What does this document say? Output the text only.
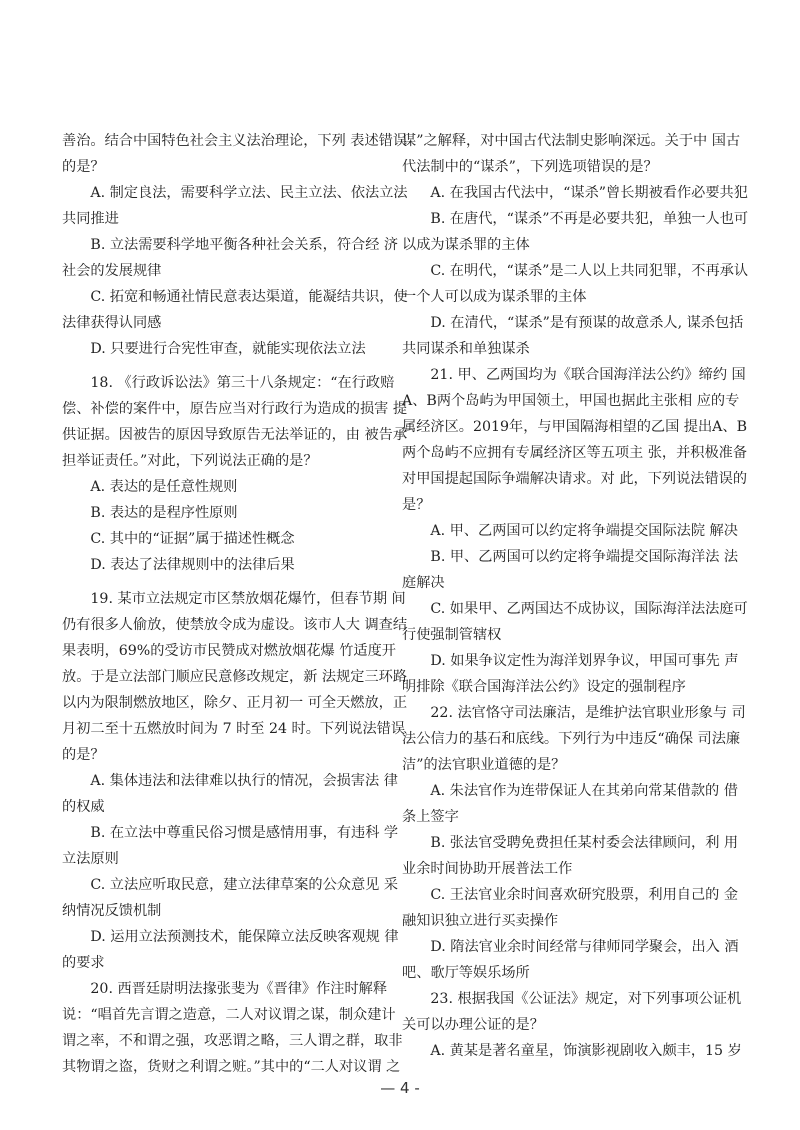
善治。结合中国特色社会主义法治理论，下列 表述错误的是？

A. 制定良法，需要科学立法、民主立法、依法立法共同推进

B. 立法需要科学地平衡各种社会关系，符合经 济社会的发展规律

C. 拓宽和畅通社情民意表达渠道，能凝结共识，使法律获得认同感

D. 只要进行合宪性审查，就能实现依法立法

18. 《行政诉讼法》第三十八条规定：“在行政赔偿、补偿的案件中，原告应当对行政行为造成的损害 提供证据。因被告的原因导致原告无法举证的，由 被告承担举证责任。”对此，下列说法正确的是？

A. 表达的是任意性规则

B. 表达的是程序性原则

C. 其中的“证据”属于描述性概念

D. 表达了法律规则中的法律后果

19. 某市立法规定市区禁放烟花爆竹，但春节期 间仍有很多人偷放，使禁放令成为虚设。该市人大 调查结果表明，69%的受访市民赞成对燃放烟花爆 竹适度开放。于是立法部门顺应民意修改规定，新 法规定三环路以内为限制燃放地区，除夕、正月初一 可全天燃放，正月初二至十五燃放时间为 7 时至 24 时。下列说法错误的是？

A. 集体违法和法律难以执行的情况，会损害法 律的权威

B. 在立法中尊重民俗习惯是感情用事，有违科 学立法原则

C. 立法应听取民意，建立法律草案的公众意见 采纳情况反馈机制

D. 运用立法预测技术，能保障立法反映客观规 律的要求

20. 西晋廷尉明法掾张斐为《晋律》作注时解释 说：“唱首先言谓之造意，二人对议谓之谋，制众建计 谓之率，不和谓之强，攻恶谓之略，三人谓之群，取非 其物谓之盗，货财之利谓之赃。”其中的“二人对议谓 之

谋”之解释，对中国古代法制史影响深远。关于中 国古代法制中的“谋杀”，下列选项错误的是？

A. 在我国古代法中，“谋杀”曾长期被看作必要共犯

B. 在唐代，“谋杀”不再是必要共犯，单独一人也可以成为谋杀罪的主体

C. 在明代，“谋杀”是二人以上共同犯罪，不再承认一个人可以成为谋杀罪的主体

D. 在清代，“谋杀”是有预谋的故意杀人, 谋杀包括共同谋杀和单独谋杀

21. 甲、乙两国均为《联合国海洋法公约》缔约 国A、B两个岛屿为甲国领土，甲国也据此主张相 应的专属经济区。2019年，与甲国隔海相望的乙国 提出A、B两个岛屿不应拥有专属经济区等五项主 张，并积极准备对甲国提起国际争端解决请求。对 此，下列说法错误的是？

A. 甲、乙两国可以约定将争端提交国际法院 解决

B. 甲、乙两国可以约定将争端提交国际海洋法 法庭解决

C. 如果甲、乙两国达不成协议，国际海洋法法庭可行使强制管辖权

D. 如果争议定性为海洋划界争议，甲国可事先 声明排除《联合国海洋法公约》设定的强制程序

22. 法官恪守司法廉洁，是维护法官职业形象与 司法公信力的基石和底线。下列行为中违反“确保 司法廉洁”的法官职业道德的是？

A. 朱法官作为连带保证人在其弟向常某借款的 借条上签字

B. 张法官受聘免费担任某村委会法律顾问，利 用业余时间协助开展普法工作

C. 王法官业余时间喜欢研究股票，利用自己的 金融知识独立进行买卖操作

D. 隋法官业余时间经常与律师同学聚会，出入 酒吧、歌厅等娱乐场所

23. 根据我国《公证法》规定，对下列事项公证机关可以办理公证的是？

A. 黄某是著名童星，饰演影视剧收入颇丰，15 岁

— 4 -
